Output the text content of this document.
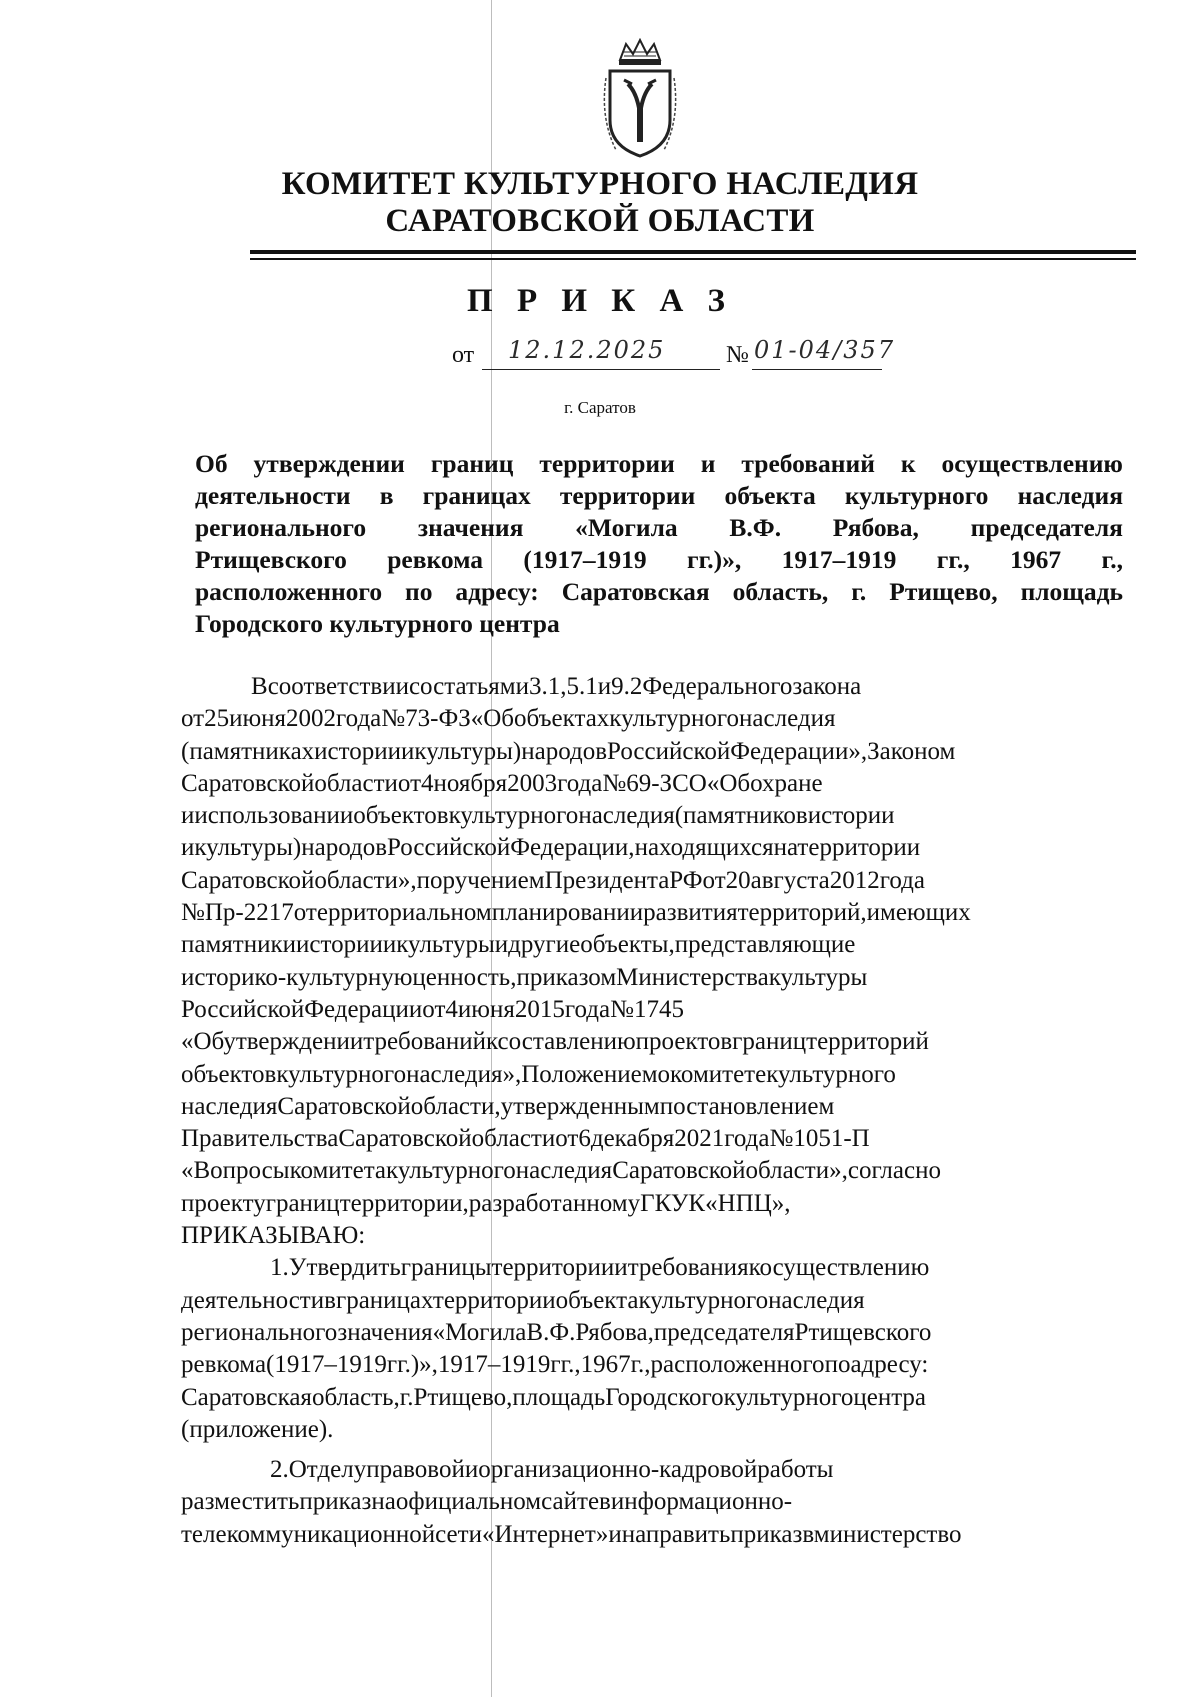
КОМИТЕТ КУЛЬТУРНОГО НАСЛЕДИЯ
САРАТОВСКОЙ ОБЛАСТИ
П Р И К А З
от 12.12.2025	№ 01-04/357
г. Саратов
Об утверждении границ территории и требований к осуществлению
деятельности в границах территории объекта культурного наследия
регионального значения «Могила В.Ф. Рябова, председателя
Ртищевского ревкома (1917–1919 гг.)», 1917–1919 гг., 1967 г.,
расположенного по адресу: Саратовская область, г. Ртищево, площадь
Городского культурного центра
Всоответствиисостатьями3.1,5.1и9.2Федеральногозакона
от25июня2002года№73-ФЗ«Обобъектахкультурногонаследия
(памятникахисторииикультуры)народовРоссийскойФедерации»,Законом
Саратовскойобластиот4ноября2003года№69-ЗСО«Обохране
ииспользованииобъектовкультурногонаследия(памятниковистории
икультуры)народовРоссийскойФедерации,находящихсянатерритории
Саратовскойобласти»,поручениемПрезидентаРФот20августа2012года
№Пр-2217отерриториальномпланированииразвитиятерриторий,имеющих
памятникиисторииикультурыидругиеобъекты,представляющие
историко-культурнуюценность,приказомМинистерствакультуры
РоссийскойФедерацииот4июня2015года№1745
«Обутверждениитребованийксоставлениюпроектовграництерриторий
объектовкультурногонаследия»,Положениемокомитетекультурного
наследияСаратовскойобласти,утвержденнымпостановлением
ПравительстваСаратовскойобластиот6декабря2021года№1051-П
«ВопросыкомитетакультурногонаследияСаратовскойобласти»,согласно
проектуграництерритории,разработанномуГКУК«НПЦ»,
ПРИКАЗЫВАЮ:
1.Утвердитьграницытерриторииитребованиякосуществлению
деятельностивграницахтерриторииобъектакультурногонаследия
региональногозначения«МогилаВ.Ф.Рябова,председателяРтищевского
ревкома(1917–1919гг.)»,1917–1919гг.,1967г.,расположенногопоадресу:
Саратовскаяобласть,г.Ртищево,площадьГородскогокультурногоцентра
(приложение).
2.Отделуправовойиорганизационно-кадровойработы
разместитьприказнаофициальномсайтевинформационно-
телекоммуникационнойсети«Интернет»инаправитьприказвминистерство
